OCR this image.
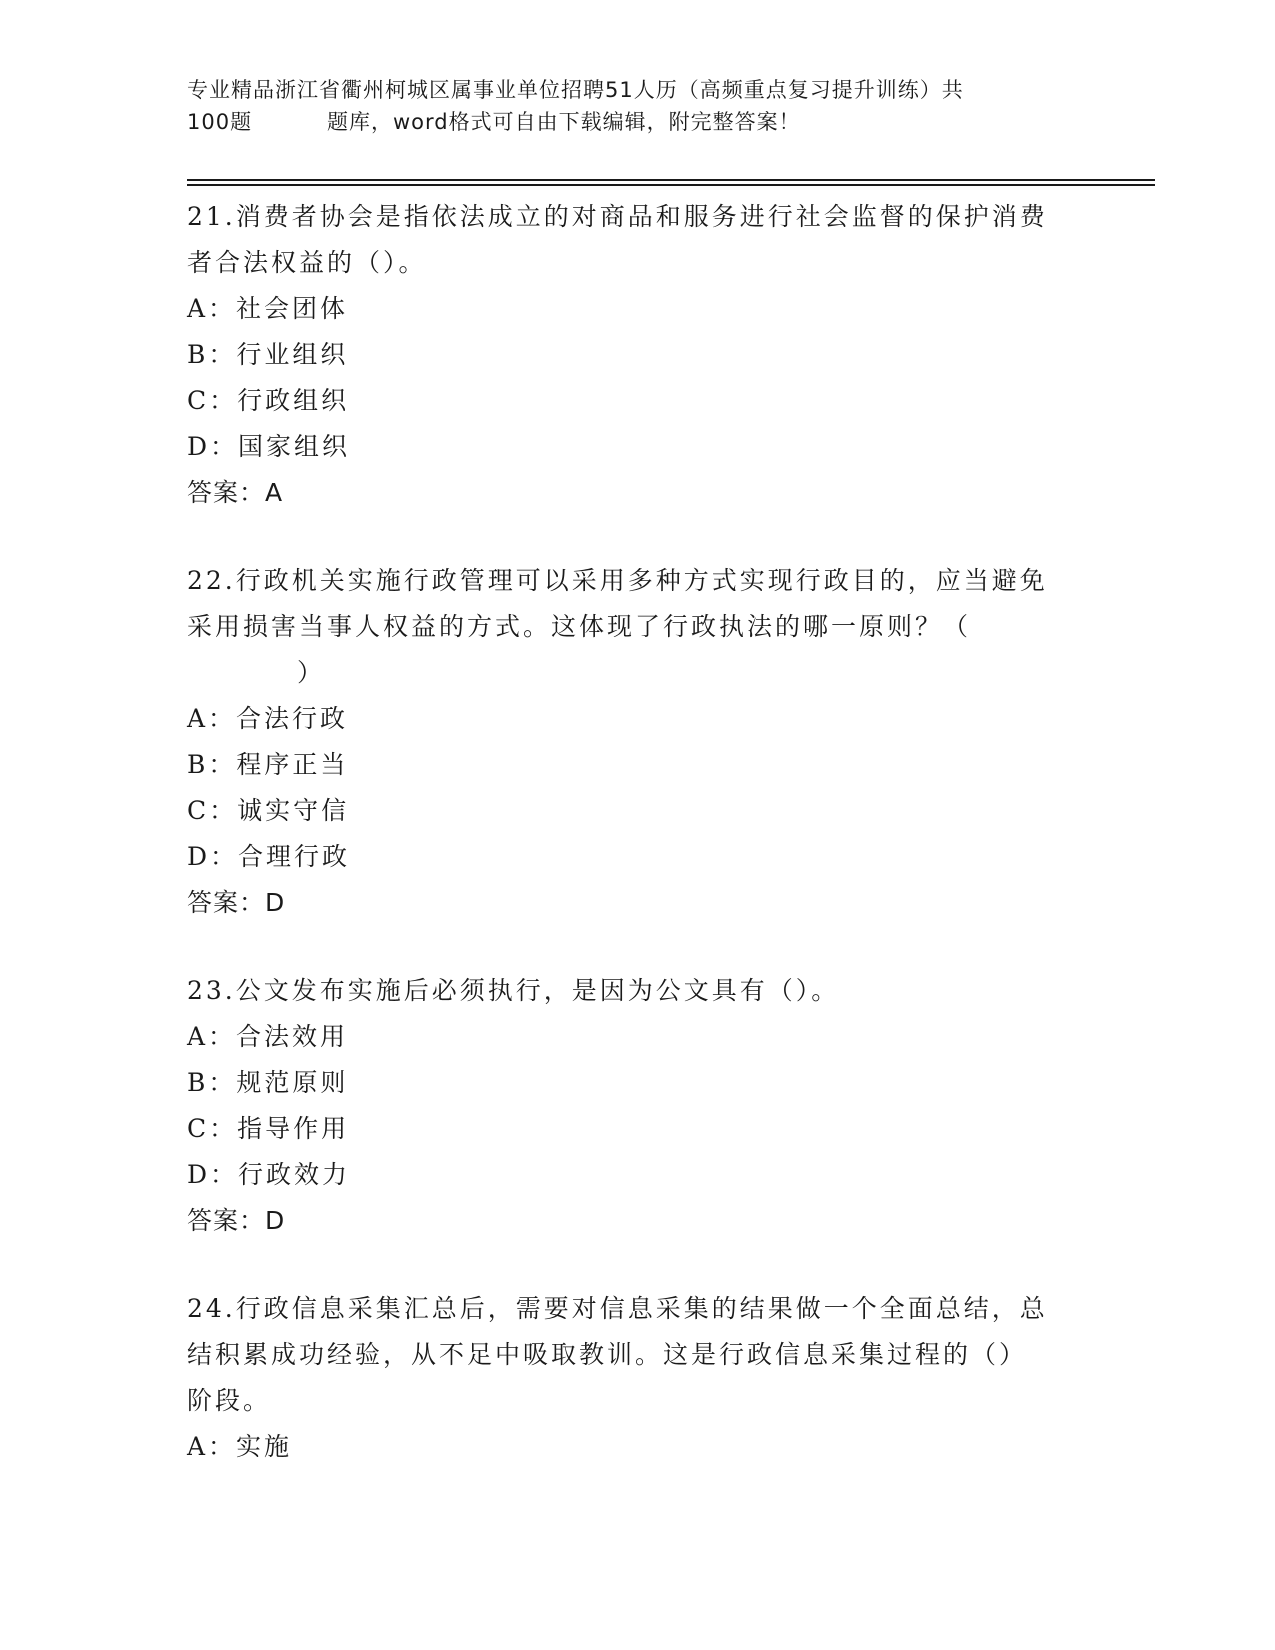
专业精品浙江省衢州柯城区属事业单位招聘51人历（高频重点复习提升训练）共
100题	题库，word格式可自由下载编辑，附完整答案！
21.消费者协会是指依法成立的对商品和服务进行社会监督的保护消费
者合法权益的（）。
A：社会团体
B：行业组织
C：行政组织
D：国家组织
答案：A
22.行政机关实施行政管理可以采用多种方式实现行政目的，应当避免
采用损害当事人权益的方式。这体现了行政执法的哪一原则？（
）
A：合法行政
B：程序正当
C：诚实守信
D：合理行政
答案：D
23.公文发布实施后必须执行，是因为公文具有（）。
A：合法效用
B：规范原则
C：指导作用
D：行政效力
答案：D
24.行政信息采集汇总后，需要对信息采集的结果做一个全面总结，总
结积累成功经验，从不足中吸取教训。这是行政信息采集过程的（）
阶段。
A：实施
